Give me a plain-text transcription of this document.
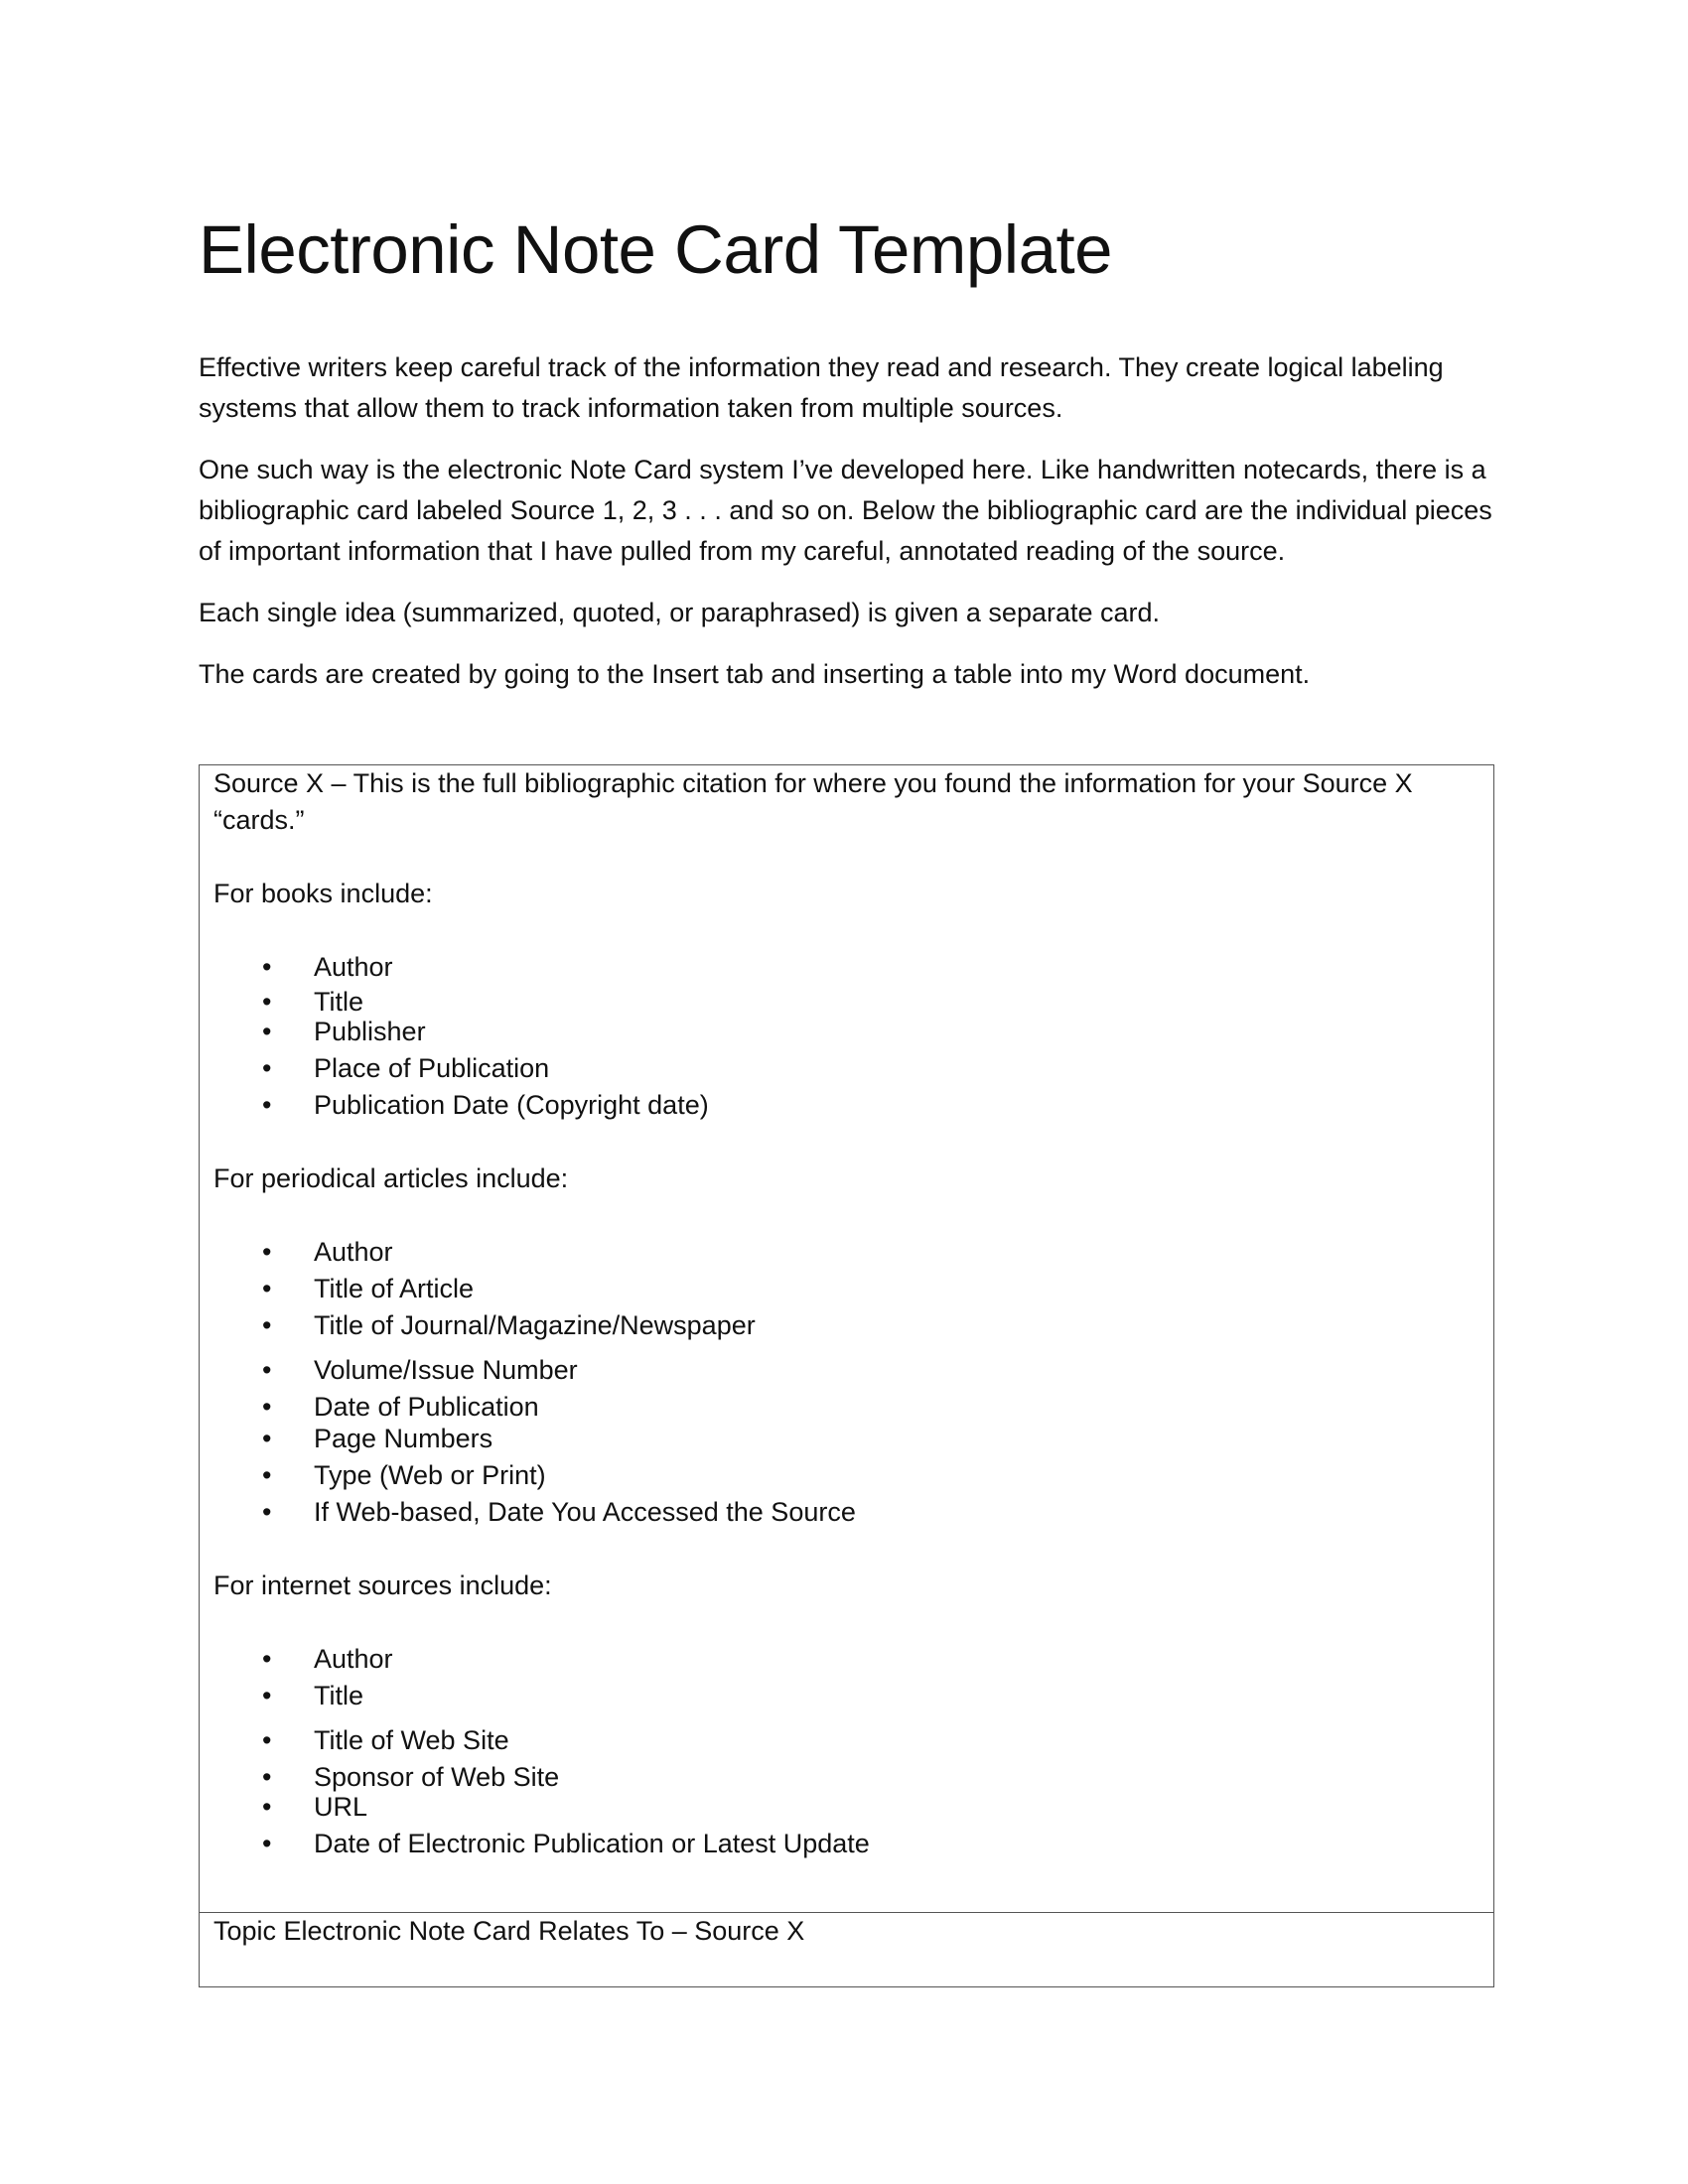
Electronic Note Card Template

Effective writers keep careful track of the information they read and research. They create logical labeling systems that allow them to track information taken from multiple sources.

One such way is the electronic Note Card system I’ve developed here. Like handwritten notecards, there is a bibliographic card labeled Source 1, 2, 3 . . . and so on. Below the bibliographic card are the individual pieces of important information that I have pulled from my careful, annotated reading of the source.

Each single idea (summarized, quoted, or paraphrased) is given a separate card.

The cards are created by going to the Insert tab and inserting a table into my Word document.

Source X – This is the full bibliographic citation for where you found the information for your Source X “cards.”

For books include:

• Author
• Title
• Publisher
• Place of Publication
• Publication Date (Copyright date)

For periodical articles include:

• Author
• Title of Article
• Title of Journal/Magazine/Newspaper
• Volume/Issue Number
• Date of Publication
• Page Numbers
• Type (Web or Print)
• If Web-based, Date You Accessed the Source

For internet sources include:

• Author
• Title
• Title of Web Site
• Sponsor of Web Site
• URL
• Date of Electronic Publication or Latest Update

Topic Electronic Note Card Relates To – Source X
